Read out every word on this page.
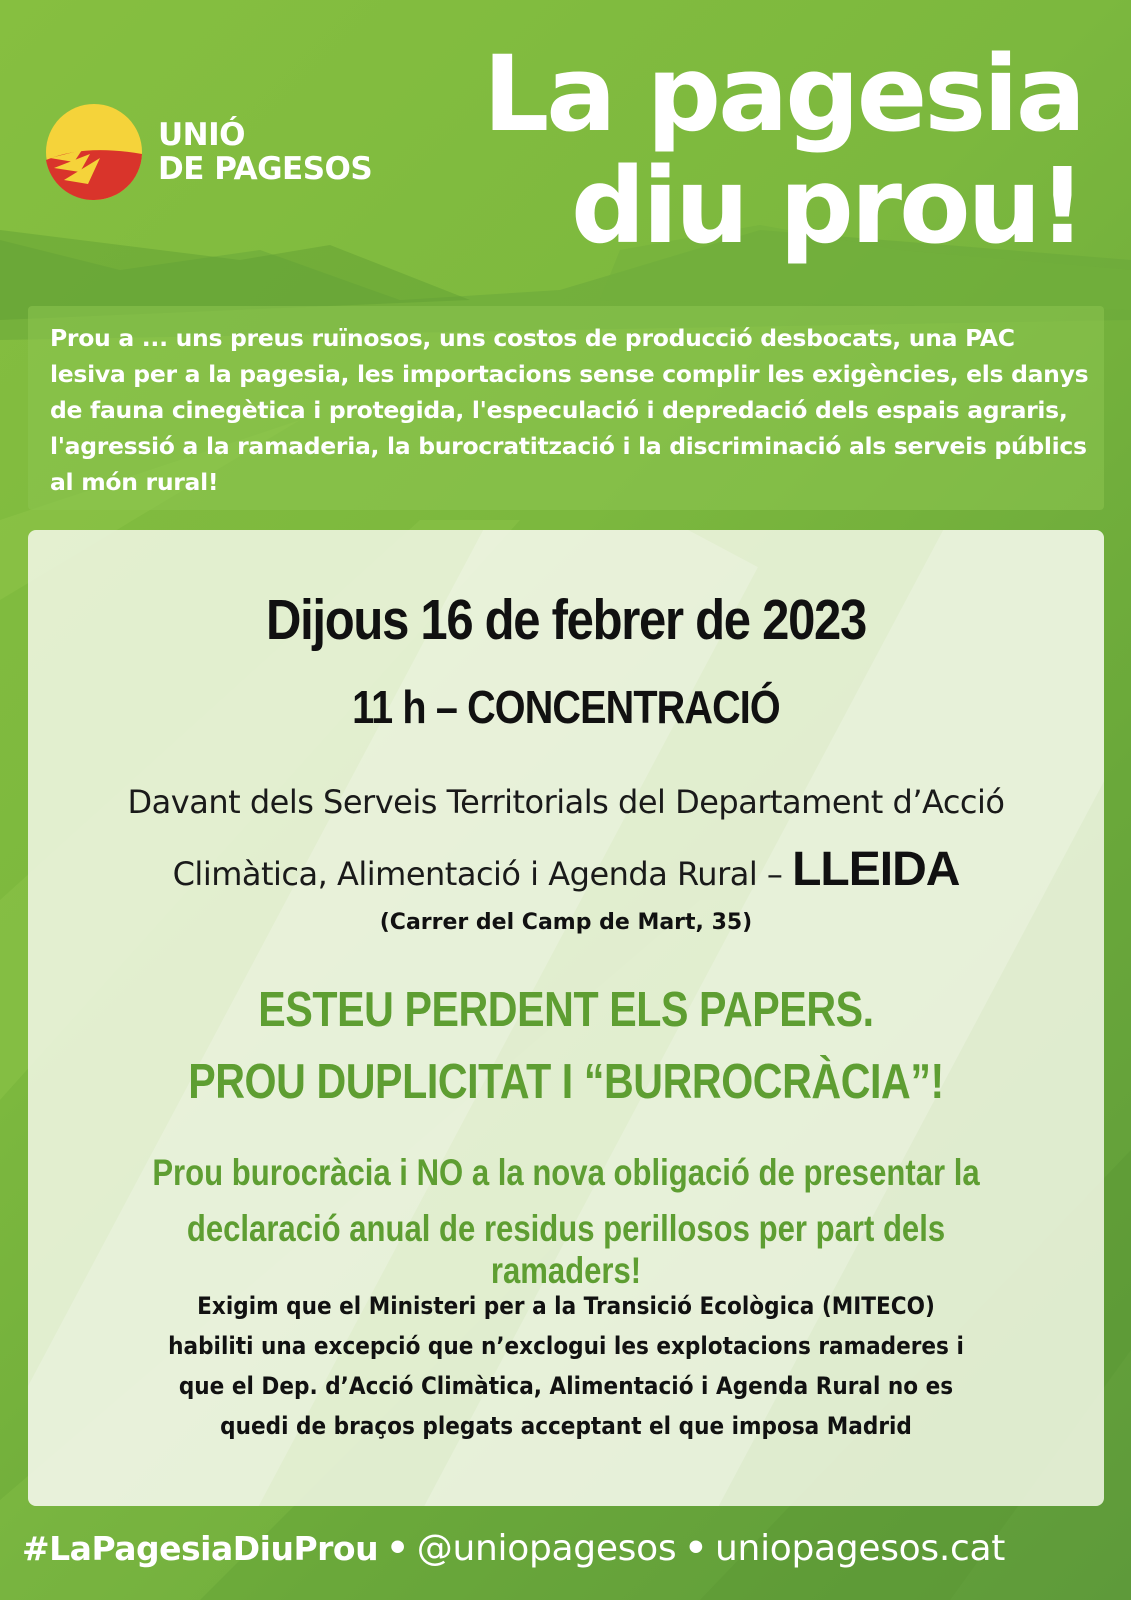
UNIÓ
DE PAGESOS
La pagesia
diu prou!
Prou a ... uns preus ruïnosos, uns costos de producció desbocats, una PAC lesiva per a la pagesia, les importacions sense complir les exigències, els danys de fauna cinegètica i protegida, l'especulació i depredació dels espais agraris, l'agressió a la ramaderia, la burocratització i la discriminació als serveis públics al món rural!
Dijous 16 de febrer de 2023
11 h – CONCENTRACIÓ
Davant dels Serveis Territorials del Departament d’Acció
Climàtica, Alimentació i Agenda Rural – LLEIDA
(Carrer del Camp de Mart, 35)
ESTEU PERDENT ELS PAPERS.
PROU DUPLICITAT I “BURROCRÀCIA”!
Prou burocràcia i NO a la nova obligació de presentar la
declaració anual de residus perillosos per part dels ramaders!
Exigim que el Ministeri per a la Transició Ecològica (MITECO)
habiliti una excepció que n’exclogui les explotacions ramaderes i
que el Dep. d’Acció Climàtica, Alimentació i Agenda Rural no es
quedi de braços plegats acceptant el que imposa Madrid
#LaPagesiaDiuProu • @uniopagesos • uniopagesos.cat
